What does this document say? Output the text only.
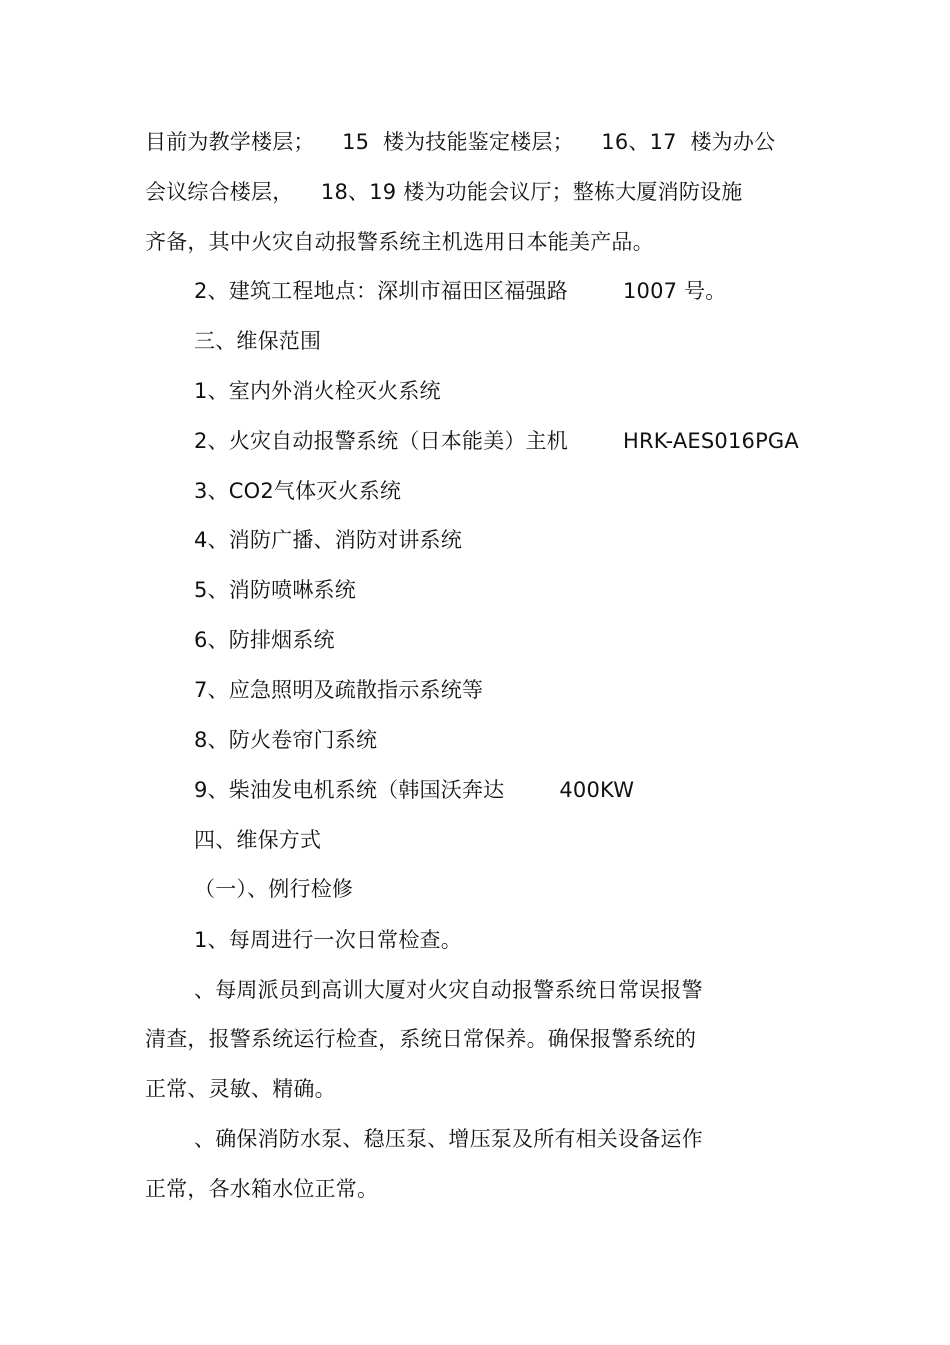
目前为教学楼层；    15  楼为技能鉴定楼层；    16、17  楼为办公
会议综合楼层，    18、19 楼为功能会议厅；整栋大厦消防设施
齐备，其中火灾自动报警系统主机选用日本能美产品。
2、建筑工程地点：深圳市福田区福强路        1007 号。
三、维保范围
1、室内外消火栓灭火系统
2、火灾自动报警系统（日本能美）主机        HRK-AES016PGA
3、CO2气体灭火系统
4、消防广播、消防对讲系统
5、消防喷啉系统
6、防排烟系统
7、应急照明及疏散指示系统等
8、防火卷帘门系统
9、柴油发电机系统（韩国沃奔达        400KW
四、维保方式
（一）、例行检修
1、每周进行一次日常检查。
、每周派员到高训大厦对火灾自动报警系统日常误报警
清查，报警系统运行检查，系统日常保养。确保报警系统的
正常、灵敏、精确。
、确保消防水泵、稳压泵、增压泵及所有相关设备运作
正常，各水箱水位正常。
